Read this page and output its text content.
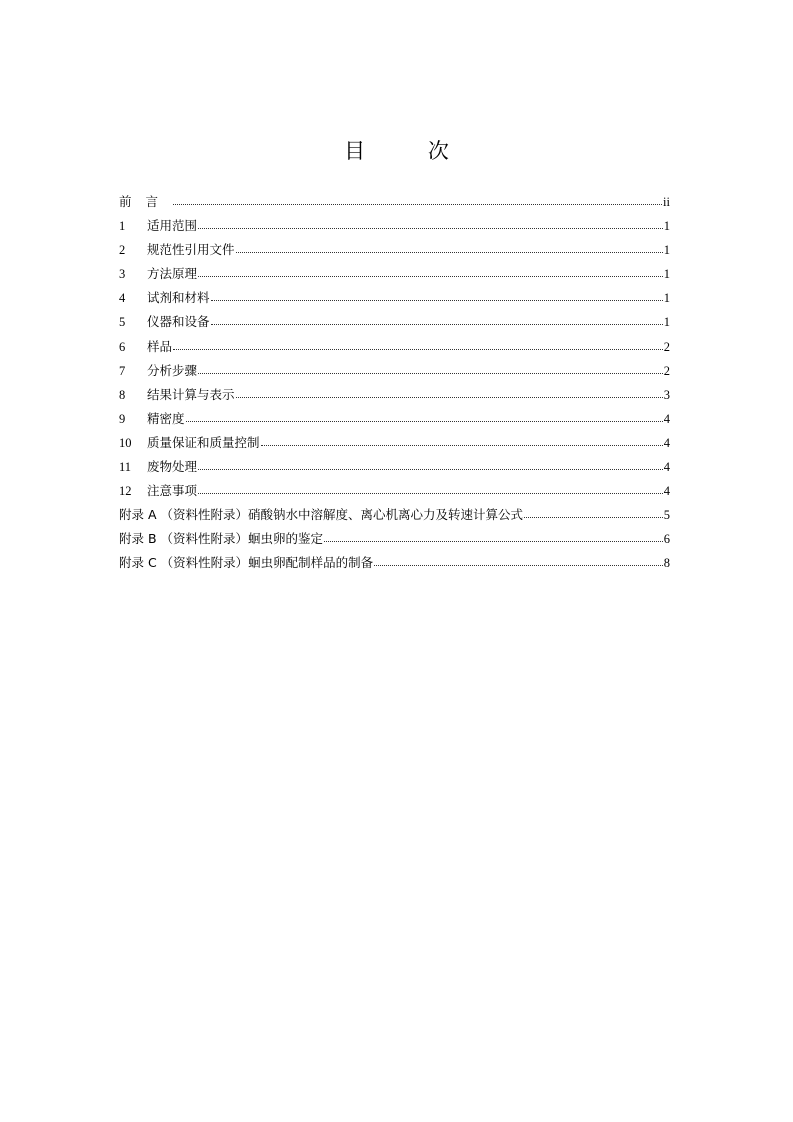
目 次
前言	ii
1	适用范围	1
2	规范性引用文件	1
3	方法原理	1
4	试剂和材料	1
5	仪器和设备	1
6	样品	2
7	分析步骤	2
8	结果计算与表示	3
9	精密度	4
10	质量保证和质量控制	4
11	废物处理	4
12	注意事项	4
附录 A （资料性附录）硝酸钠水中溶解度、离心机离心力及转速计算公式	5
附录 B （资料性附录）蛔虫卵的鉴定	6
附录 C （资料性附录）蛔虫卵配制样品的制备	8
